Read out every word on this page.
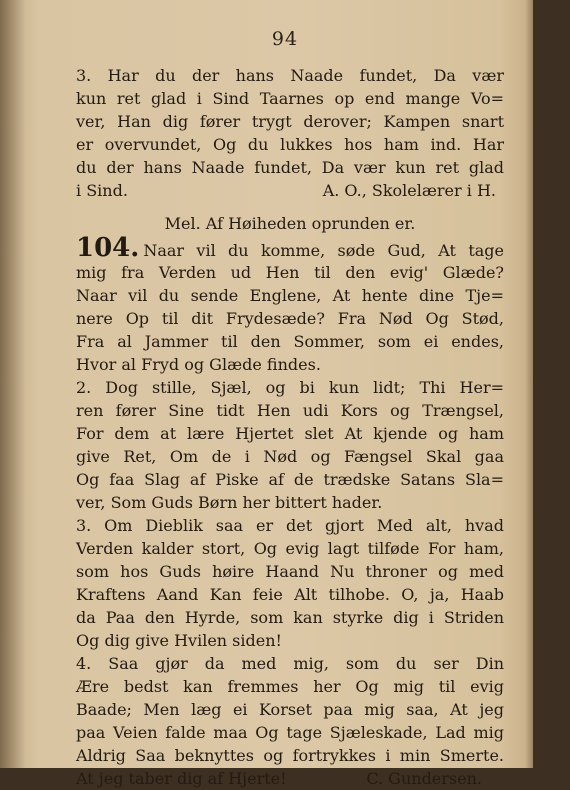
94
3. Har du der hans Naade fundet, Da vær
kun ret glad i Sind Taarnes op end mange Vo=
ver, Han dig fører trygt derover; Kampen snart
er overvundet, Og du lukkes hos ham ind. Har
du der hans Naade fundet, Da vær kun ret glad
i Sind.	A. O., Skolelærer i H.
Mel. Af Høiheden oprunden er.
104. Naar vil du komme, søde Gud, At tage
mig fra Verden ud Hen til den evig' Glæde?
Naar vil du sende Englene, At hente dine Tje=
nere Op til dit Frydesæde? Fra Nød Og Stød,
Fra al Jammer til den Sommer, som ei endes,
Hvor al Fryd og Glæde findes.
2. Dog stille, Sjæl, og bi kun lidt; Thi Her=
ren fører Sine tidt Hen udi Kors og Trængsel,
For dem at lære Hjertet slet At kjende og ham
give Ret, Om de i Nød og Fængsel Skal gaa
Og faa Slag af Piske af de trædske Satans Sla=
ver, Som Guds Børn her bittert hader.
3. Om Dieblik saa er det gjort Med alt, hvad
Verden kalder stort, Og evig lagt tilføde For ham,
som hos Guds høire Haand Nu throner og med
Kraftens Aand Kan feie Alt tilhobe. O, ja, Haab
da Paa den Hyrde, som kan styrke dig i Striden
Og dig give Hvilen siden!
4. Saa gjør da med mig, som du ser Din
Ære bedst kan fremmes her Og mig til evig
Baade; Men læg ei Korset paa mig saa, At jeg
paa Veien falde maa Og tage Sjæleskade, Lad mig
Aldrig Saa beknyttes og fortrykkes i min Smerte.
At jeg taber dig af Hjerte!	C. Gundersen.
